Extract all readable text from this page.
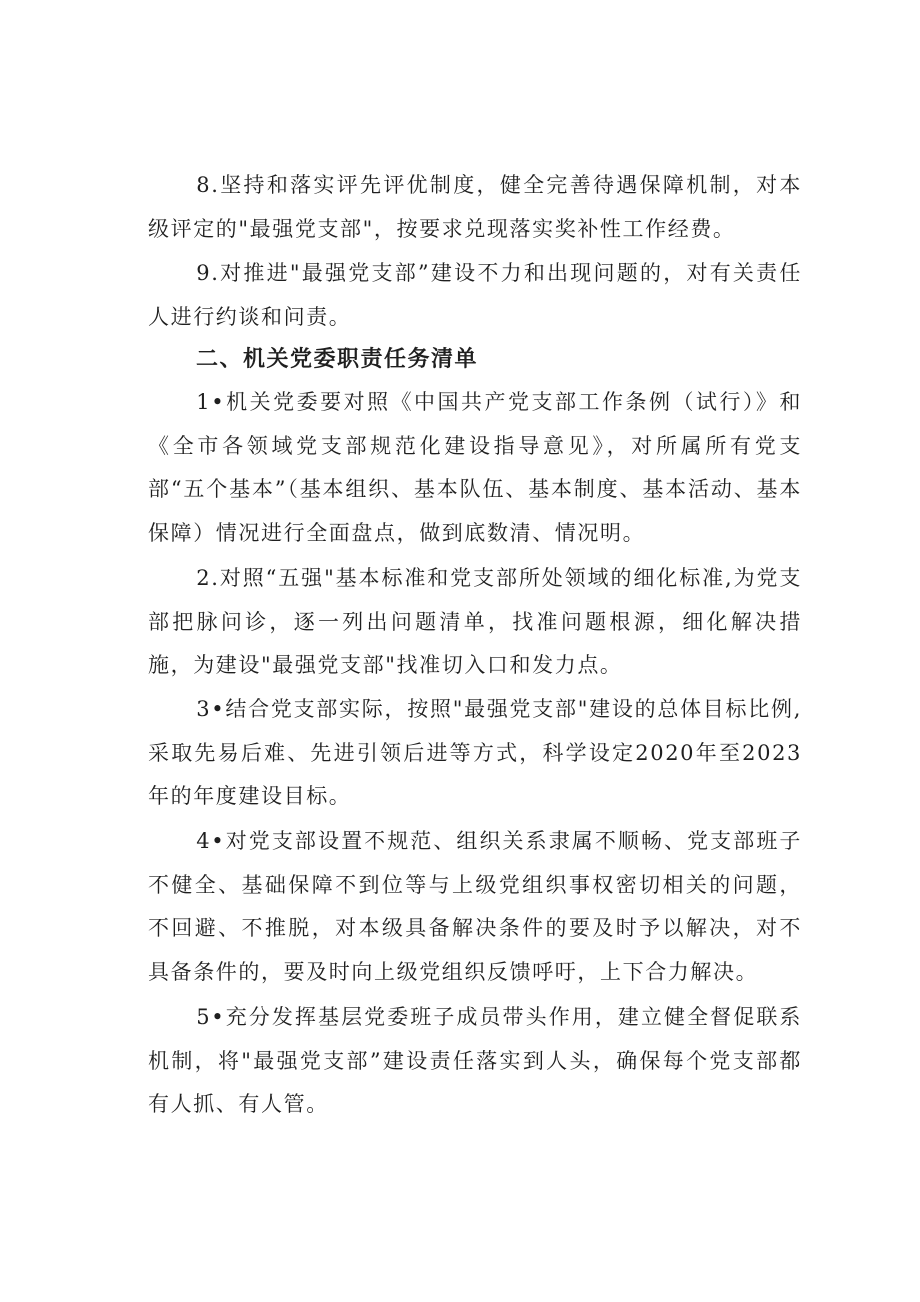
8.坚持和落实评先评优制度，健全完善待遇保障机制，对本级评定的"最强党支部"，按要求兑现落实奖补性工作经费。

9.对推进"最强党支部”建设不力和出现问题的，对有关责任人进行约谈和问责。

二、机关党委职责任务清单

1•机关党委要对照《中国共产党支部工作条例（试行）》和《全市各领域党支部规范化建设指导意见》，对所属所有党支部“五个基本”（基本组织、基本队伍、基本制度、基本活动、基本保障）情况进行全面盘点，做到底数清、情况明。

2.对照“五强"基本标准和党支部所处领域的细化标准,为党支部把脉问诊，逐一列出问题清单，找准问题根源，细化解决措施，为建设"最强党支部"找准切入口和发力点。

3•结合党支部实际，按照"最强党支部"建设的总体目标比例,采取先易后难、先进引领后进等方式，科学设定2020年至2023年的年度建设目标。

4•对党支部设置不规范、组织关系隶属不顺畅、党支部班子不健全、基础保障不到位等与上级党组织事权密切相关的问题，不回避、不推脱，对本级具备解决条件的要及时予以解决，对不具备条件的，要及时向上级党组织反馈呼吁，上下合力解决。

5•充分发挥基层党委班子成员带头作用，建立健全督促联系机制，将"最强党支部”建设责任落实到人头，确保每个党支部都有人抓、有人管。
